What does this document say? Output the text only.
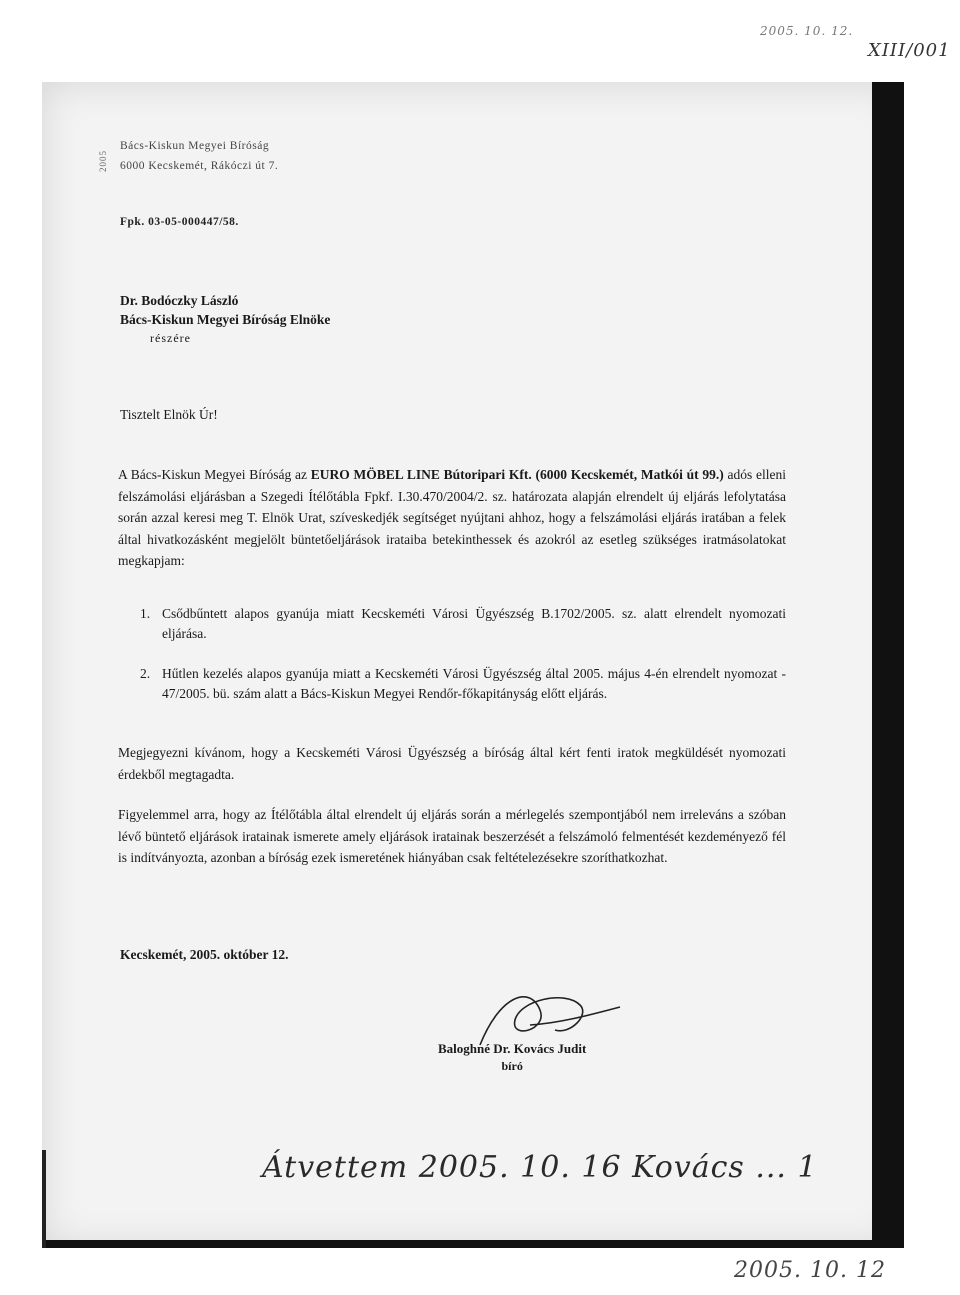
2005. 10. 12.
XIII/001
2005
Bács-Kiskun Megyei Bíróság
6000 Kecskemét, Rákóczi út 7.
Fpk. 03-05-000447/58.
Dr. Bodóczky László
Bács-Kiskun Megyei Bíróság Elnöke
részére
Tisztelt Elnök Úr!
A Bács-Kiskun Megyei Bíróság az EURO MÖBEL LINE Bútoripari Kft. (6000 Kecskemét, Matkói út 99.) adós elleni felszámolási eljárásban a Szegedi Ítélőtábla Fpkf. I.30.470/2004/2. sz. határozata alapján elrendelt új eljárás lefolytatása során azzal keresi meg T. Elnök Urat, szíveskedjék segítséget nyújtani ahhoz, hogy a felszámolási eljárás iratában a felek által hivatkozásként megjelölt büntetőeljárások irataiba betekinthessek és azokról az esetleg szükséges iratmásolatokat megkapjam:
1. Csődbűntett alapos gyanúja miatt Kecskeméti Városi Ügyészség B.1702/2005. sz. alatt elrendelt nyomozati eljárása.
2. Hűtlen kezelés alapos gyanúja miatt a Kecskeméti Városi Ügyészség által 2005. május 4-én elrendelt nyomozat - 47/2005. bü. szám alatt a Bács-Kiskun Megyei Rendőr-főkapitányság előtt eljárás.
Megjegyezni kívánom, hogy a Kecskeméti Városi Ügyészség a bíróság által kért fenti iratok megküldését nyomozati érdekből megtagadta.
Figyelemmel arra, hogy az Ítélőtábla által elrendelt új eljárás során a mérlegelés szempontjából nem irreleváns a szóban lévő büntető eljárások iratainak ismerete amely eljárások iratainak beszerzését a felszámoló felmentését kezdeményező fél is indítványozta, azonban a bíróság ezek ismeretének hiányában csak feltételezésekre szoríthatkozhat.
Kecskemét, 2005. október 12.
Baloghné Dr. Kovács Judit
bíró
Átvettem 2005. 10. 16 Kovács ... 1
2005. 10. 12
